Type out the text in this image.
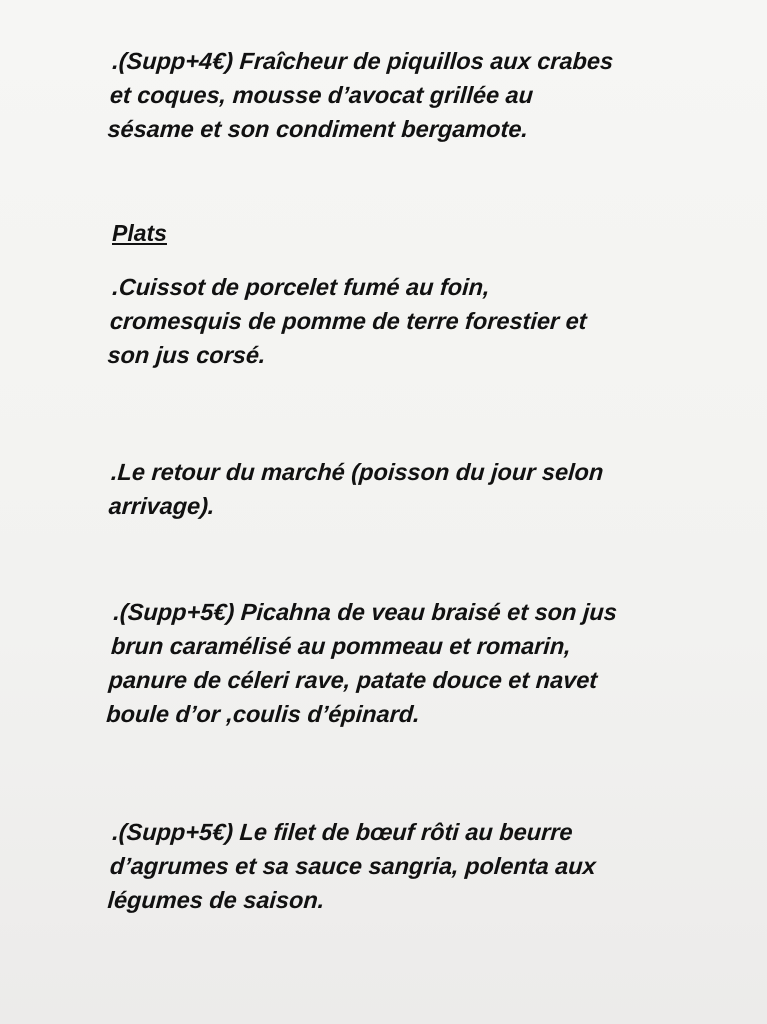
.(Supp+4€) Fraîcheur de piquillos aux crabes
et coques, mousse d’avocat grillée au
sésame et son condiment bergamote.
Plats
.Cuissot de porcelet fumé au foin,
cromesquis de pomme de terre forestier et
son jus corsé.
.Le retour du marché (poisson du jour selon
arrivage).
.(Supp+5€) Picahna de veau braisé et son jus
brun caramélisé au pommeau et romarin,
panure de céleri rave, patate douce et navet
boule d’or ,coulis d’épinard.
.(Supp+5€) Le filet de bœuf rôti au beurre
d’agrumes et sa sauce sangria, polenta aux
légumes de saison.
